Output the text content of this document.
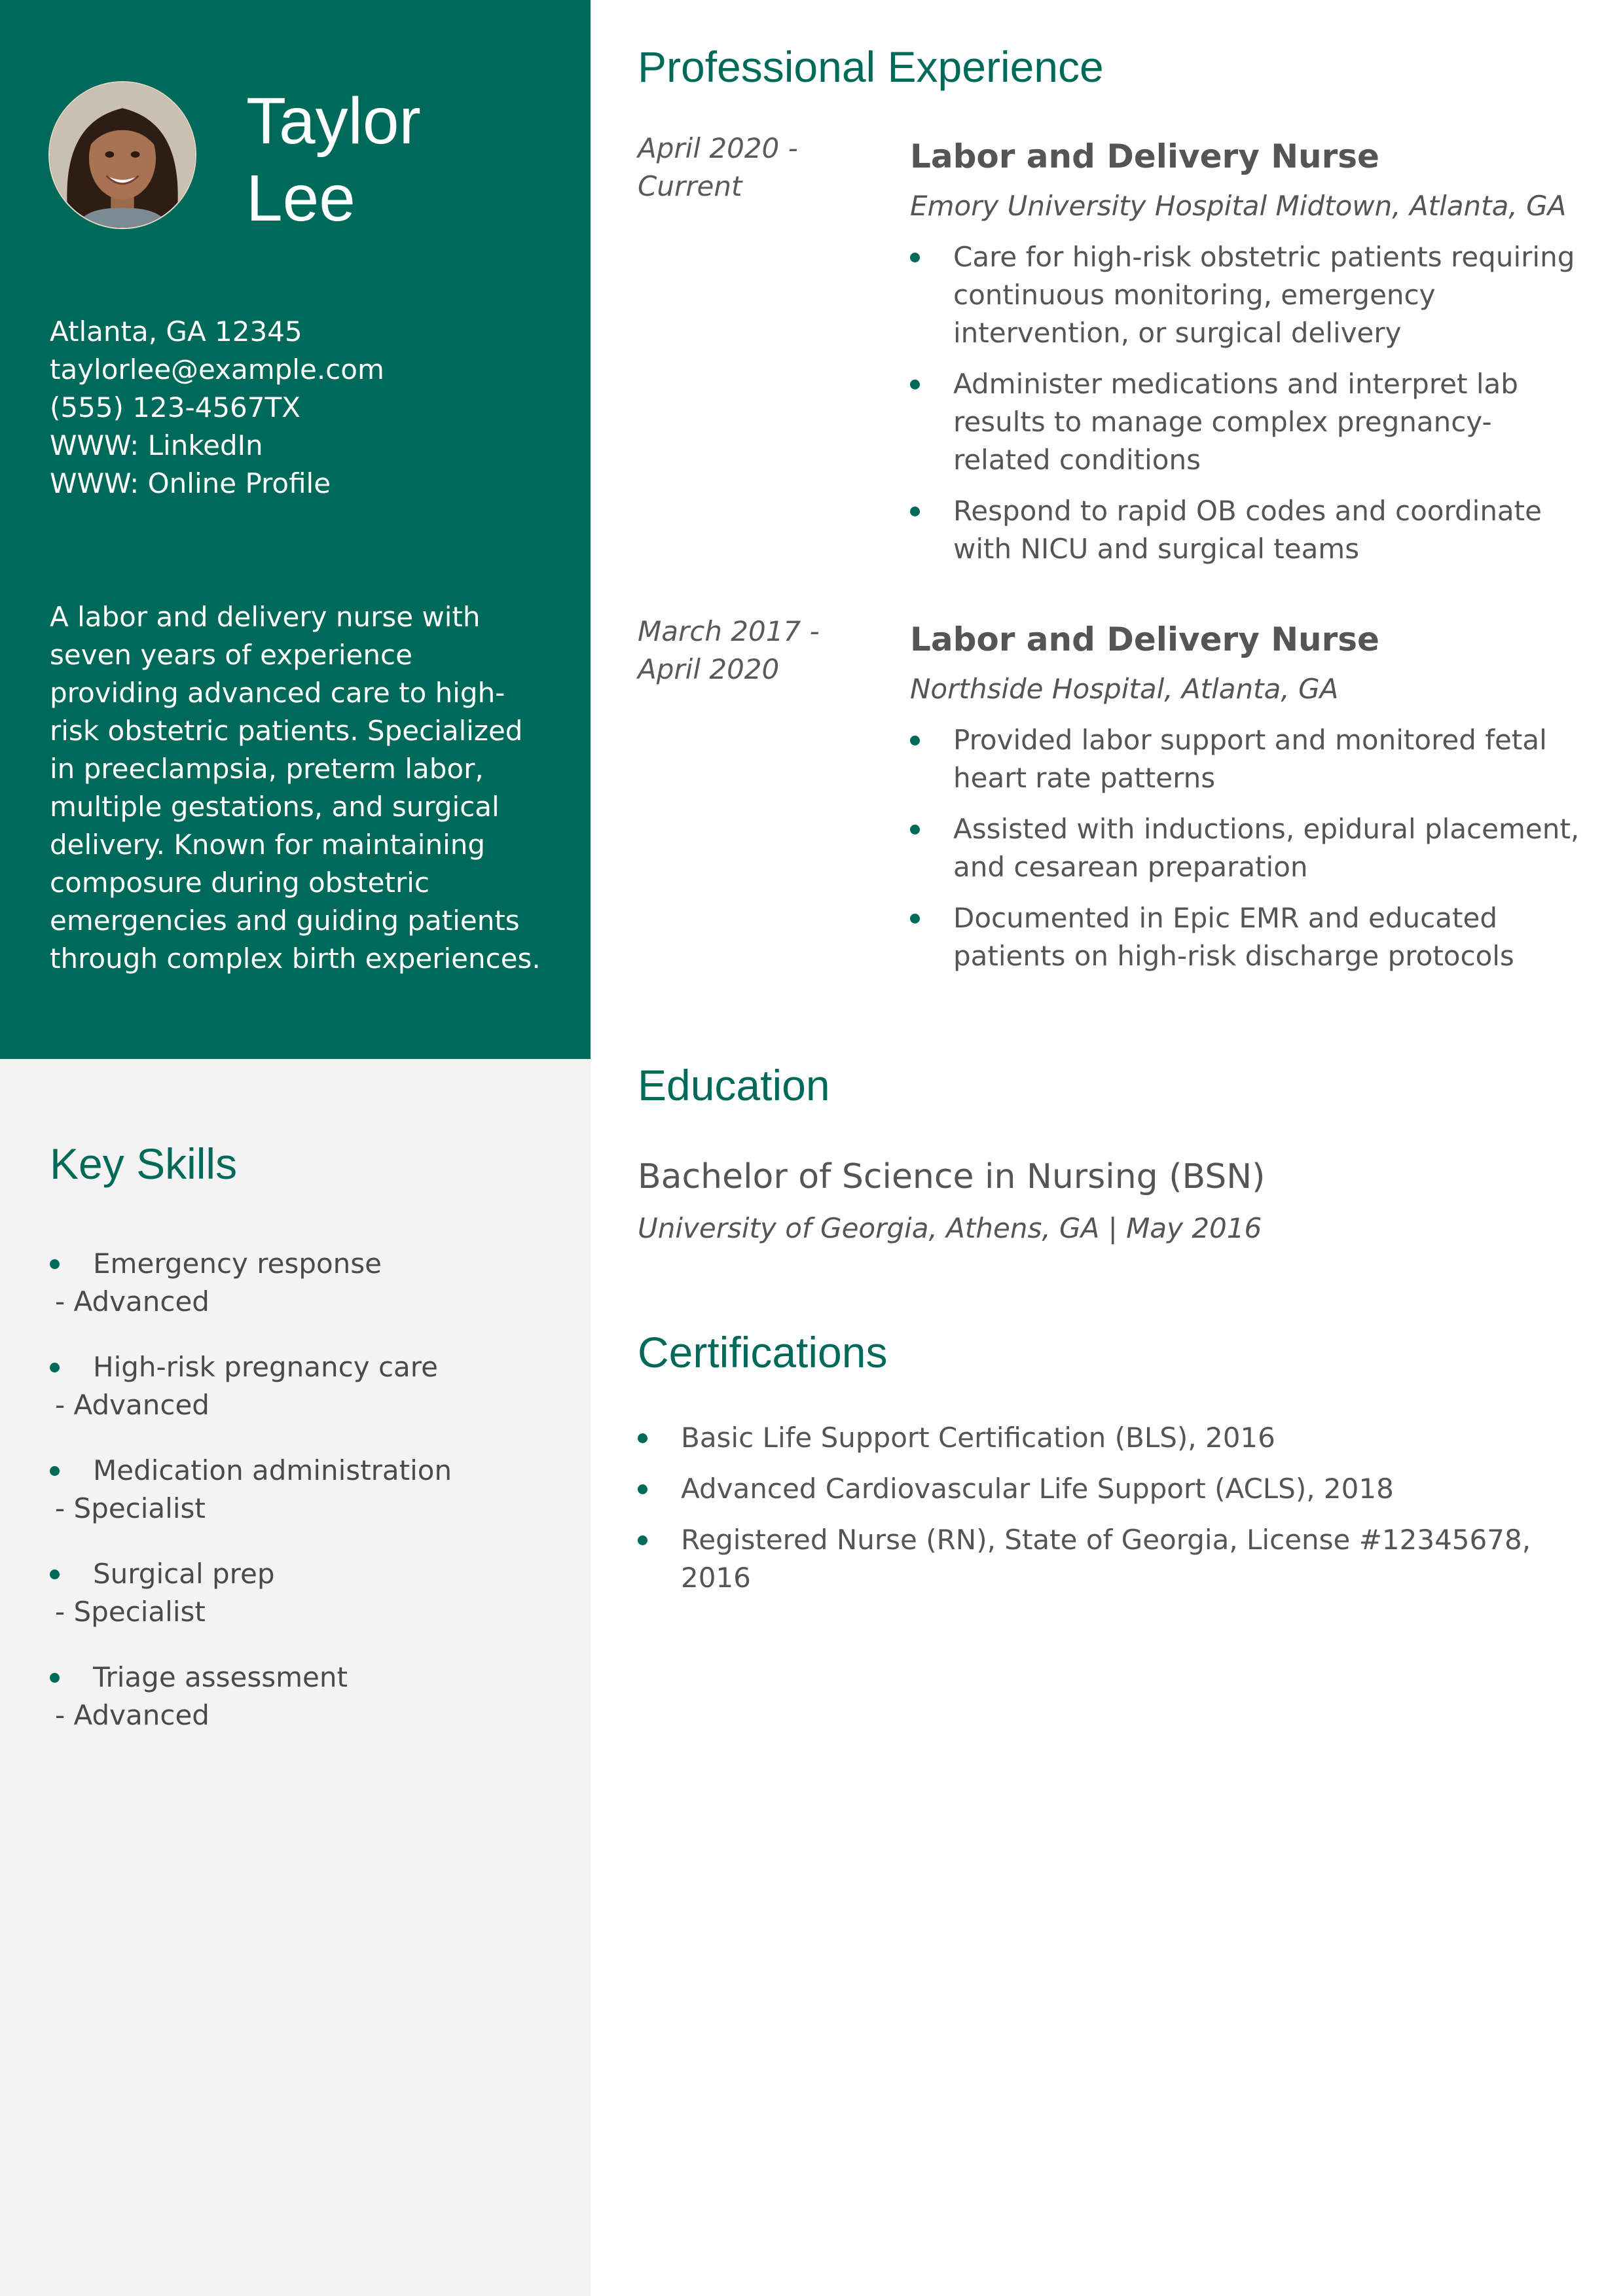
Taylor
Lee
Atlanta, GA 12345
taylorlee@example.com
(555) 123-4567TX
WWW: LinkedIn
WWW: Online Profile

A labor and delivery nurse with seven years of experience providing advanced care to high-risk obstetric patients. Specialized in preeclampsia, preterm labor, multiple gestations, and surgical delivery. Known for maintaining composure during obstetric emergencies and guiding patients through complex birth experiences.

Key Skills
Emergency response
- Advanced
High-risk pregnancy care
- Advanced
Medication administration
- Specialist
Surgical prep
- Specialist
Triage assessment
- Advanced
Professional Experience
April 2020 -
Current
Labor and Delivery Nurse
Emory University Hospital Midtown, Atlanta, GA
Care for high-risk obstetric patients requiring continuous monitoring, emergency intervention, or surgical delivery
Administer medications and interpret lab results to manage complex pregnancy-related conditions
Respond to rapid OB codes and coordinate with NICU and surgical teams
March 2017 -
April 2020
Labor and Delivery Nurse
Northside Hospital, Atlanta, GA
Provided labor support and monitored fetal heart rate patterns
Assisted with inductions, epidural placement, and cesarean preparation
Documented in Epic EMR and educated patients on high-risk discharge protocols
Education
Bachelor of Science in Nursing (BSN)
University of Georgia, Athens, GA | May 2016
Certifications
Basic Life Support Certification (BLS), 2016
Advanced Cardiovascular Life Support (ACLS), 2018
Registered Nurse (RN), State of Georgia, License #12345678, 2016
